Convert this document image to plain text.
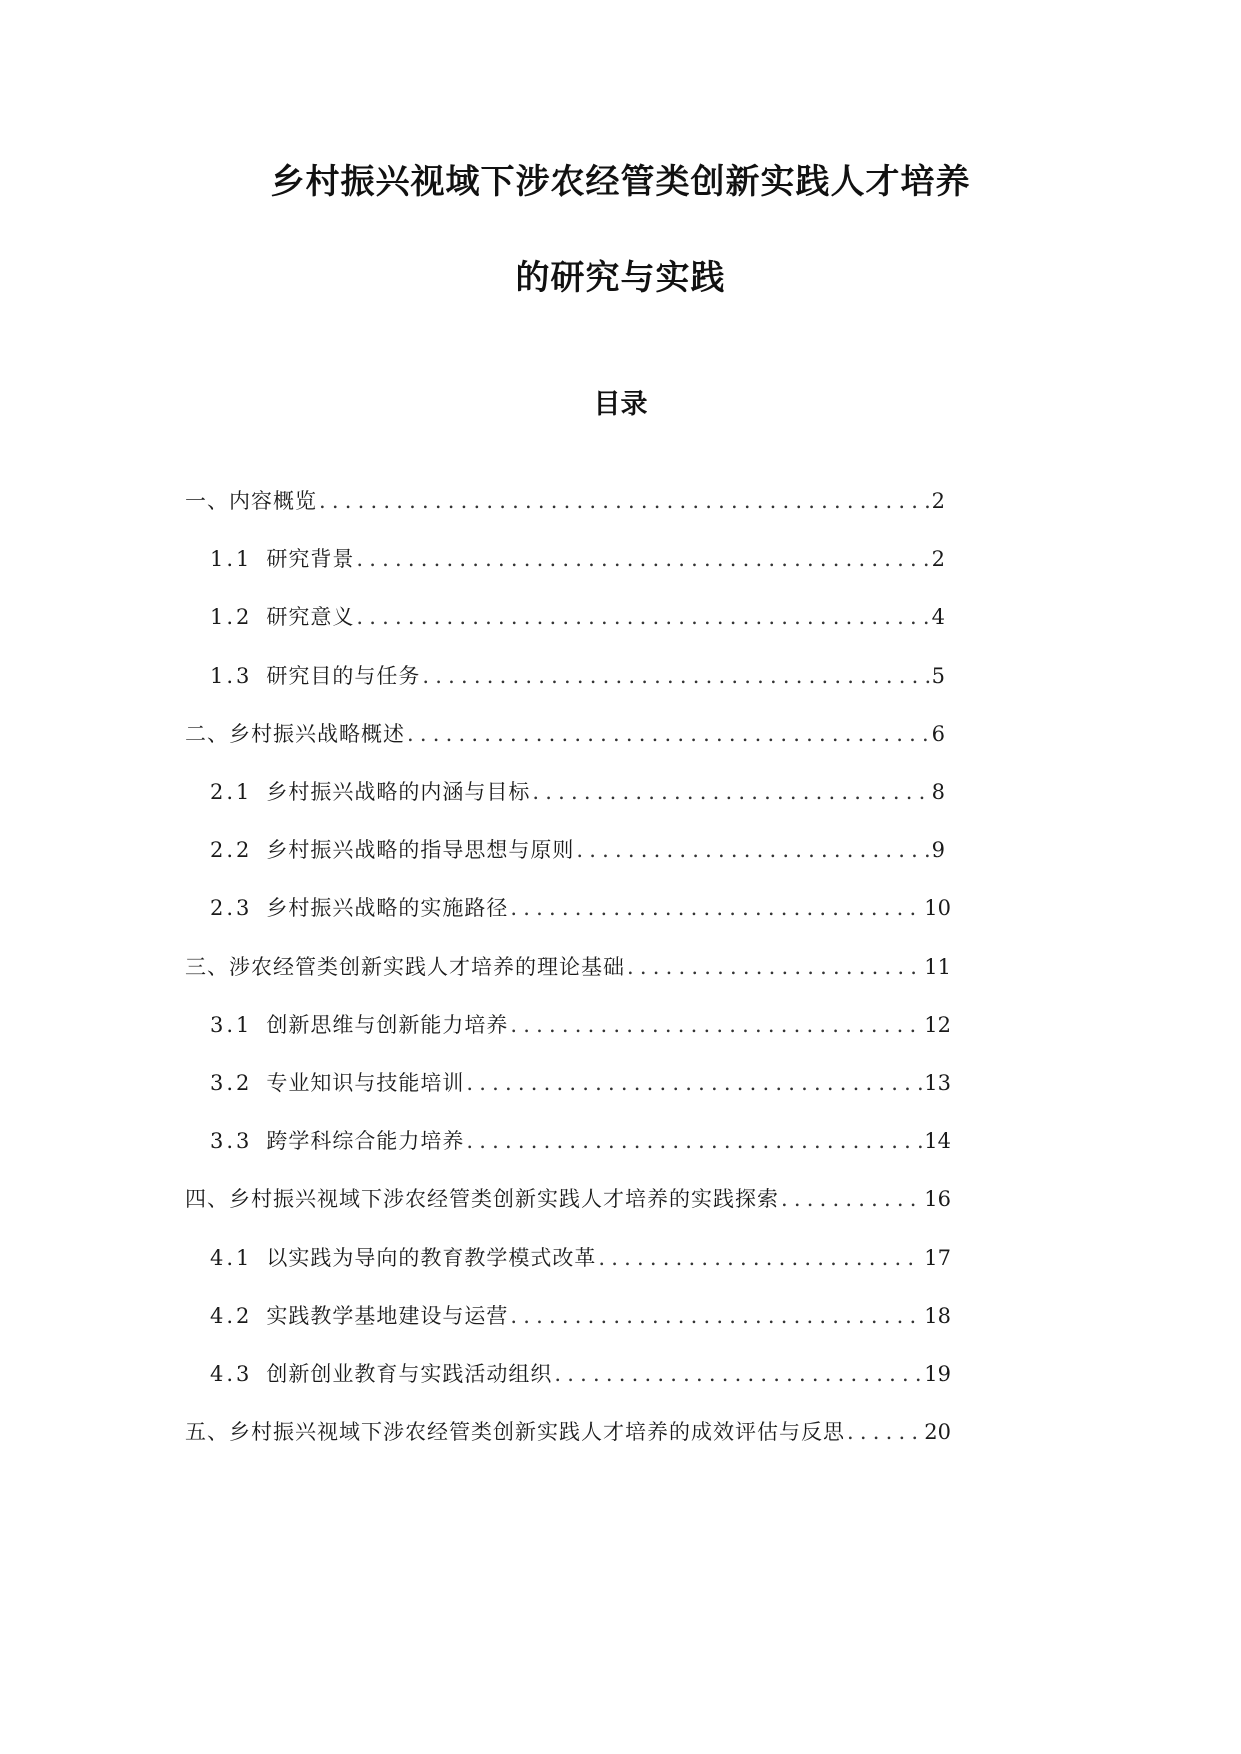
乡村振兴视域下涉农经管类创新实践人才培养
的研究与实践
目录
一、内容概览 .....	2
1.1 研究背景 .....	2
1.2 研究意义 .....	4
1.3 研究目的与任务 .....	5
二、乡村振兴战略概述 .....	6
2.1 乡村振兴战略的内涵与目标 .....	8
2.2 乡村振兴战略的指导思想与原则 .....	9
2.3 乡村振兴战略的实施路径 .....	10
三、涉农经管类创新实践人才培养的理论基础 .....	11
3.1 创新思维与创新能力培养 .....	12
3.2 专业知识与技能培训 .....	13
3.3 跨学科综合能力培养 .....	14
四、乡村振兴视域下涉农经管类创新实践人才培养的实践探索 .....	16
4.1 以实践为导向的教育教学模式改革 .....	17
4.2 实践教学基地建设与运营 .....	18
4.3 创新创业教育与实践活动组织 .....	19
五、乡村振兴视域下涉农经管类创新实践人才培养的成效评估与反思 .....	20
